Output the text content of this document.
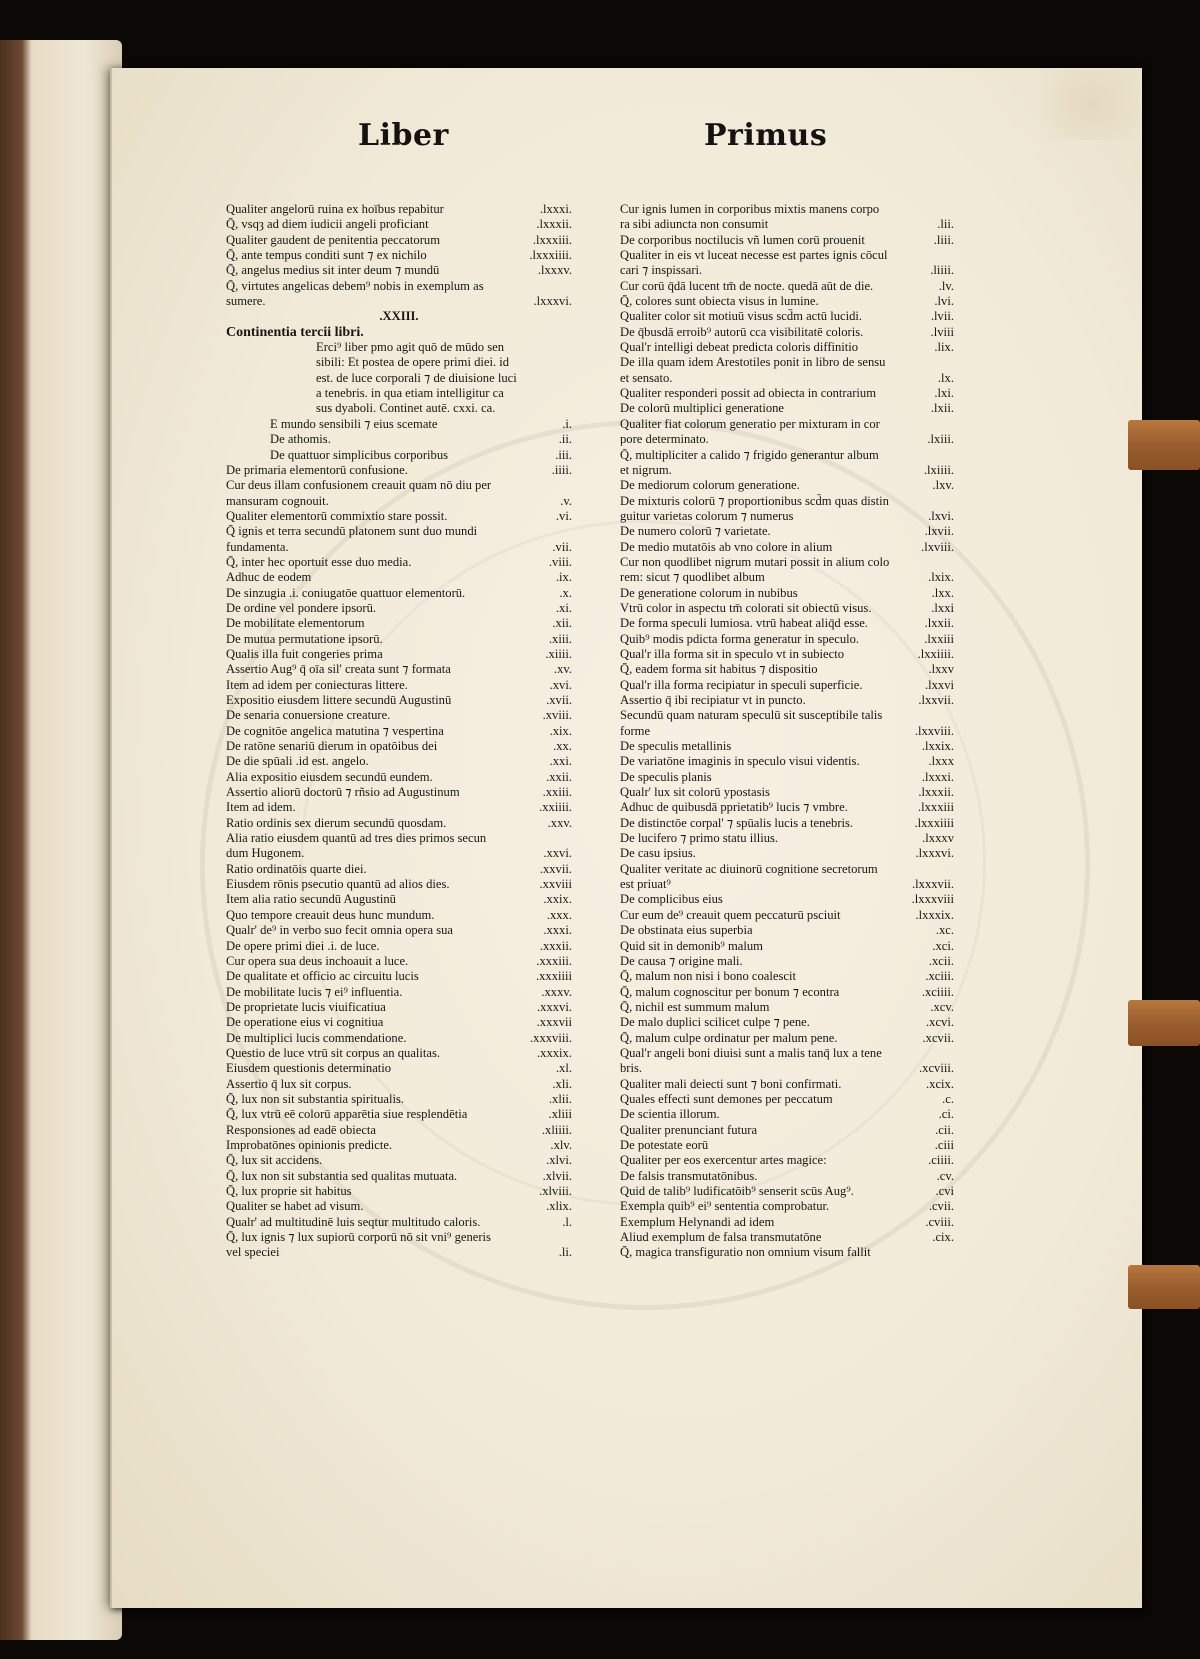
Liber	Primus
Qualiter angelorū ruina ex hoībus repabitur	.lxxxi.
Q̄, vsqȝ ad diem iudicii angeli proficiant	.lxxxii.
Qualiter gaudent de penitentia peccatorum	.lxxxiii.
Q̄, ante tempus conditi sunt ⁊ ex nichilo	.lxxxiiii.
Q̄, angelus medius sit inter deum ⁊ mundū	.lxxxv.
Q̄, virtutes angelicas debem⁹ nobis in exemplum as
sumere.	.lxxxvi.
.XXIII.
Continentia tercii libri.
Erci⁹ liber pmo agit quō de mūdo sen
sibili: Et postea de opere primi diei. id
est. de luce corporali ⁊ de diuisione luci
a tenebris. in qua etiam intelligitur ca
sus dyaboli. Continet autē. cxxi. ca.
E mundo sensibili ⁊ eius scemate	.i.
De athomis.	.ii.
De quattuor simplicibus corporibus	.iii.
De primaria elementorū confusione.	.iiii.
Cur deus illam confusionem creauit quam nō diu per
mansuram cognouit.	.v.
Qualiter elementorū commixtio stare possit.	.vi.
Q̄ ignis et terra secundū platonem sunt duo mundi
fundamenta.	.vii.
Q̄, inter hec oportuit esse duo media.	.viii.
Adhuc de eodem	.ix.
De sinzugia .i. coniugatōe quattuor elementorū.	.x.
De ordine vel pondere ipsorū.	.xi.
De mobilitate elementorum	.xii.
De mutua permutatione ipsorū.	.xiii.
Qualis illa fuit congeries prima	.xiiii.
Assertio Aug⁹ q̄ oīa sil' creata sunt ⁊ formata	.xv.
Item ad idem per coniecturas littere.	.xvi.
Expositio eiusdem littere secundū Augustinū	.xvii.
De senaria conuersione creature.	.xviii.
De cognitōe angelica matutina ⁊ vespertina	.xix.
De ratōne senariū dierum in opatōibus dei	.xx.
De die spūali .id est. angelo.	.xxi.
Alia expositio eiusdem secundū eundem.	.xxii.
Assertio aliorū doctorū ⁊ rñsio ad Augustinum	.xxiii.
Item ad idem.	.xxiiii.
Ratio ordinis sex dierum secundū quosdam.	.xxv.
Alia ratio eiusdem quantū ad tres dies primos secun
dum Hugonem.	.xxvi.
Ratio ordinatōis quarte diei.	.xxvii.
Eiusdem rōnis psecutio quantū ad alios dies.	.xxviii
Item alia ratio secundū Augustinū	.xxix.
Quo tempore creauit deus hunc mundum.	.xxx.
Qualr' de⁹ in verbo suo fecit omnia opera sua	.xxxi.
De opere primi diei .i. de luce.	.xxxii.
Cur opera sua deus inchoauit a luce.	.xxxiii.
De qualitate et officio ac circuitu lucis	.xxxiiii
De mobilitate lucis ⁊ ei⁹ influentia.	.xxxv.
De proprietate lucis viuificatiua	.xxxvi.
De operatione eius vi cognitiua	.xxxvii
De multiplici lucis commendatione.	.xxxviii.
Questio de luce vtrū sit corpus an qualitas.	.xxxix.
Eiusdem questionis determinatio	.xl.
Assertio q̄ lux sit corpus.	.xli.
Q̄, lux non sit substantia spiritualis.	.xlii.
Q̄, lux vtrū eē colorū apparētia siue resplendētia	.xliii
Responsiones ad eadē obiecta	.xliiii.
Improbatōnes opinionis predicte.	.xlv.
Q̄, lux sit accidens.	.xlvi.
Q̄, lux non sit substantia sed qualitas mutuata.	.xlvii.
Q̄, lux proprie sit habitus	.xlviii.
Qualiter se habet ad visum.	.xlix.
Qualr' ad multitudinē luis seqtur multitudo caloris.	.l.
Q̄, lux ignis ⁊ lux supiorū corporū nō sit vni⁹ generis
vel speciei	.li.
Cur ignis lumen in corporibus mixtis manens corpo
ra sibi adiuncta non consumit	.lii.
De corporibus noctilucis vñ lumen corū prouenit	.liii.
Qualiter in eis vt luceat necesse est partes ignis cōcul
cari ⁊ inspissari.	.liiii.
Cur corū q̄dā lucent tm̄ de nocte. quedā aūt de die.	.lv.
Q̄, colores sunt obiecta visus in lumine.	.lvi.
Qualiter color sit motiuū visus scd̄m actū lucidi.	.lvii.
De q̄busdā erroib⁹ autorū cca visibilitatē coloris.	.lviii
Qual'r intelligi debeat predicta coloris diffinitio	.lix.
De illa quam idem Arestotiles ponit in libro de sensu
et sensato.	.lx.
Qualiter responderi possit ad obiecta in contrarium	.lxi.
De colorū multiplici generatione	.lxii.
Qualiter fiat colorum generatio per mixturam in cor
pore determinato.	.lxiii.
Q̄, multipliciter a calido ⁊ frigido generantur album
et nigrum.	.lxiiii.
De mediorum colorum generatione.	.lxv.
De mixturis colorū ⁊ proportionibus scd̄m quas distin
guitur varietas colorum ⁊ numerus	.lxvi.
De numero colorū ⁊ varietate.	.lxvii.
De medio mutatōis ab vno colore in alium	.lxviii.
Cur non quodlibet nigrum mutari possit in alium colo
rem: sicut ⁊ quodlibet album	.lxix.
De generatione colorum in nubibus	.lxx.
Vtrū color in aspectu tm̄ colorati sit obiectū visus.	.lxxi
De forma speculi lumiosa. vtrū habeat aliq̄d esse.	.lxxii.
Quib⁹ modis pdicta forma generatur in speculo.	.lxxiii
Qual'r illa forma sit in speculo vt in subiecto	.lxxiiii.
Q̄, eadem forma sit habitus ⁊ dispositio	.lxxv
Qual'r illa forma recipiatur in speculi superficie.	.lxxvi
Assertio q̄ ibi recipiatur vt in puncto.	.lxxvii.
Secundū quam naturam speculū sit susceptibile talis
forme	.lxxviii.
De speculis metallinis	.lxxix.
De variatōne imaginis in speculo visui videntis.	.lxxx
De speculis planis	.lxxxi.
Qualr' lux sit colorū ypostasis	.lxxxii.
Adhuc de quibusdā pprietatib⁹ lucis ⁊ vmbre.	.lxxxiii
De distinctōe corpal' ⁊ spūalis lucis a tenebris.	.lxxxiiii
De lucifero ⁊ primo statu illius.	.lxxxv
De casu ipsius.	.lxxxvi.
Qualiter veritate ac diuinorū cognitione secretorum
est priuat⁹	.lxxxvii.
De complicibus eius	.lxxxviii
Cur eum de⁹ creauit quem peccaturū psciuit	.lxxxix.
De obstinata eius superbia	.xc.
Quid sit in demonib⁹ malum	.xci.
De causa ⁊ origine mali.	.xcii.
Q̄, malum non nisi i bono coalescit	.xciii.
Q̄, malum cognoscitur per bonum ⁊ econtra	.xciiii.
Q̄, nichil est summum malum	.xcv.
De malo duplici scilicet culpe ⁊ pene.	.xcvi.
Q̄, malum culpe ordinatur per malum pene.	.xcvii.
Qual'r angeli boni diuisi sunt a malis tanq̄ lux a tene
bris.	.xcviii.
Qualiter mali deiecti sunt ⁊ boni confirmati.	.xcix.
Quales effecti sunt demones per peccatum	.c.
De scientia illorum.	.ci.
Qualiter prenunciant futura	.cii.
De potestate eorū	.ciii
Qualiter per eos exercentur artes magice:	.ciiii.
De falsis transmutatōnibus.	.cv.
Quid de talib⁹ ludificatōib⁹ senserit scūs Aug⁹.	.cvi
Exempla quib⁹ ei⁹ sententia comprobatur.	.cvii.
Exemplum Helynandi ad idem	.cviii.
Aliud exemplum de falsa transmutatōne	.cix.
Q̄, magica transfiguratio non omnium visum fallit
